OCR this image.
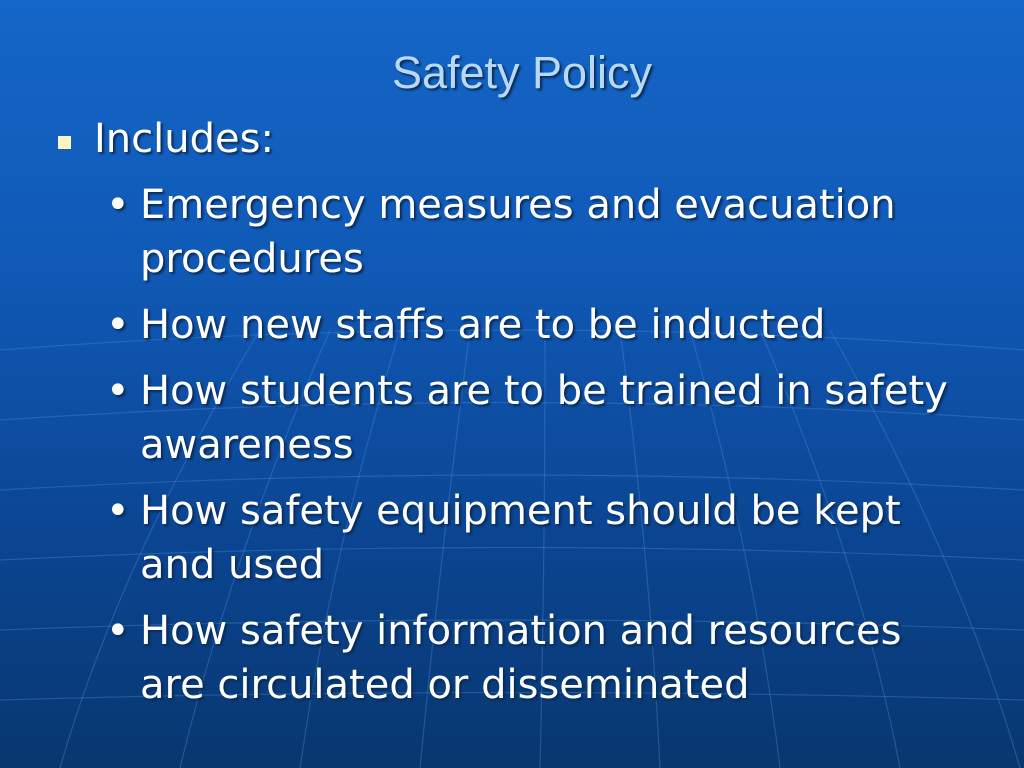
Safety Policy
Includes:
• Emergency measures and evacuation procedures
• How new staffs are to be inducted
• How students are to be trained in safety awareness
• How safety equipment should be kept and used
• How safety information and resources are circulated or disseminated
